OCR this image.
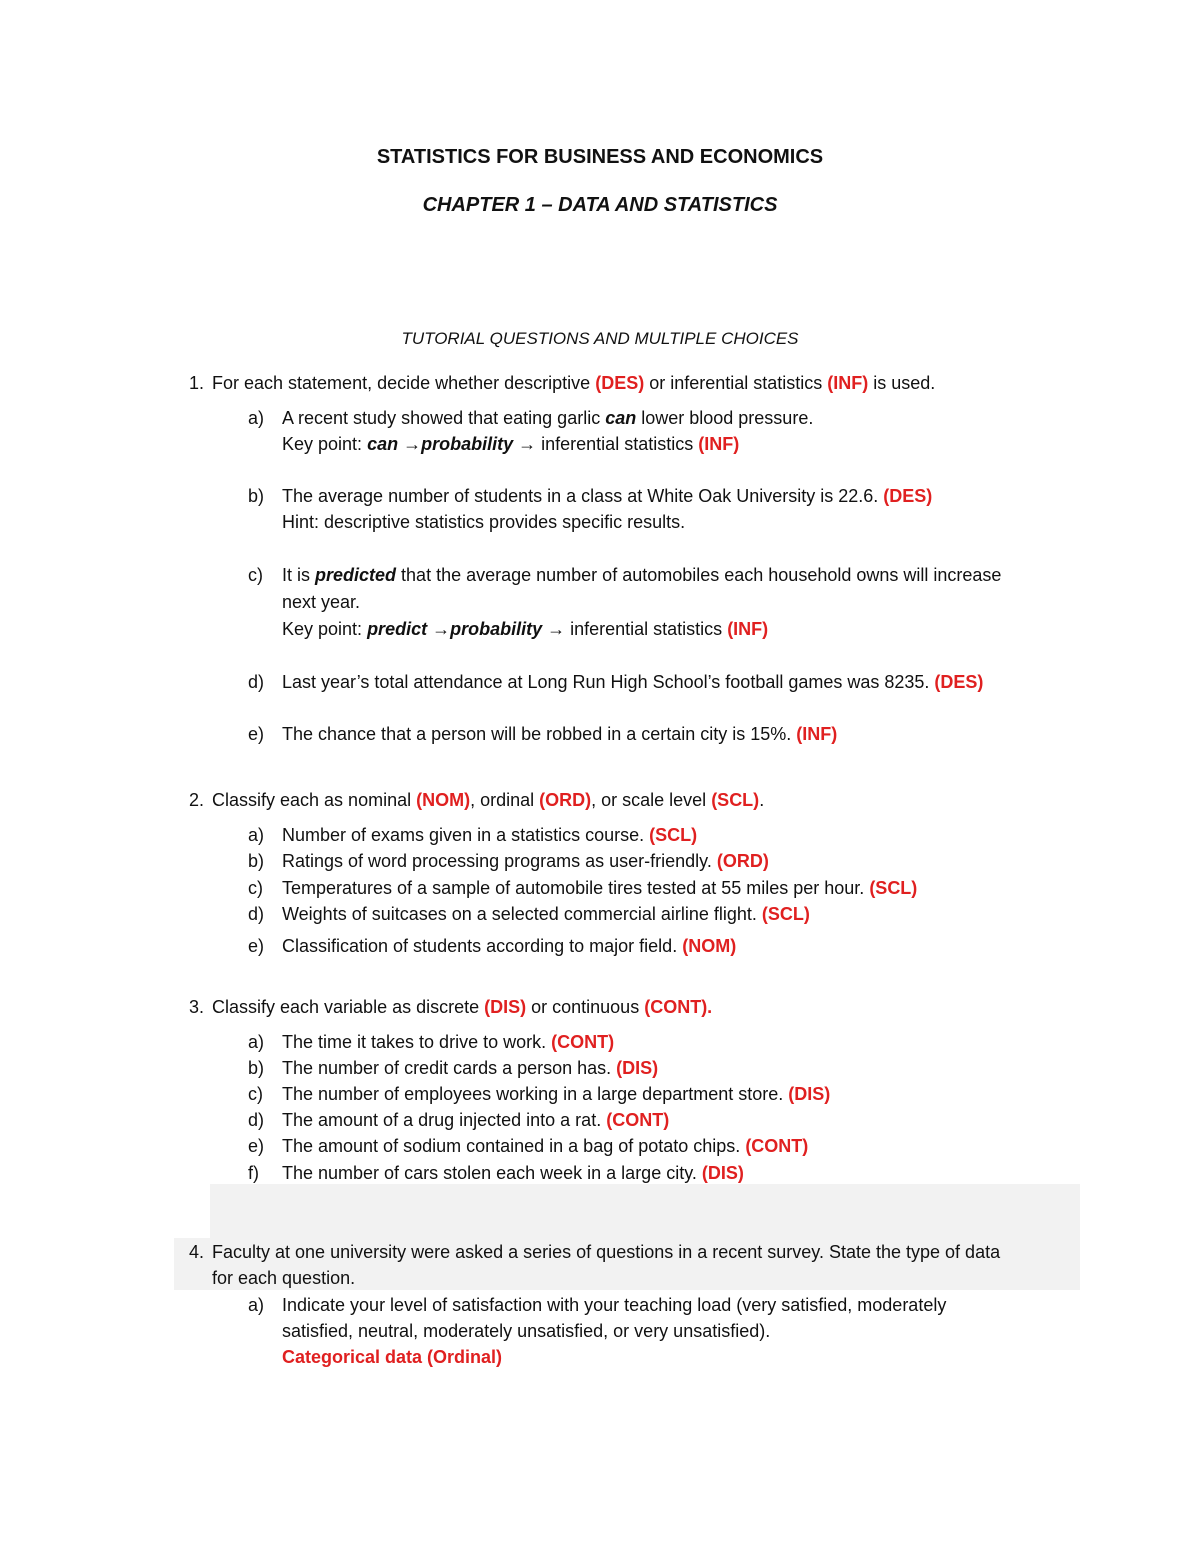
STATISTICS FOR BUSINESS AND ECONOMICS
CHAPTER 1 – DATA AND STATISTICS
TUTORIAL QUESTIONS AND MULTIPLE CHOICES
1. For each statement, decide whether descriptive (DES) or inferential statistics (INF) is used.
a) A recent study showed that eating garlic can lower blood pressure.
Key point: can →probability → inferential statistics (INF)
b) The average number of students in a class at White Oak University is 22.6. (DES)
Hint: descriptive statistics provides specific results.
c)	It is predicted that the average number of automobiles each household owns will increase
next year.
Key point: predict →probability → inferential statistics (INF)
d) Last year’s total attendance at Long Run High School’s football games was 8235. (DES)
e) The chance that a person will be robbed in a certain city is 15%. (INF)
2. Classify each as nominal (NOM), ordinal (ORD), or scale level (SCL).
a) Number of exams given in a statistics course. (SCL)
b) Ratings of word processing programs as user-friendly. (ORD)
c)	Temperatures of a sample of automobile tires tested at 55 miles per hour. (SCL)
d) Weights of suitcases on a selected commercial airline flight. (SCL)
e) Classification of students according to major field. (NOM)
3. Classify each variable as discrete (DIS) or continuous (CONT).
a) The time it takes to drive to work. (CONT)
b) The number of credit cards a person has. (DIS)
c)	The number of employees working in a large department store. (DIS)
d) The amount of a drug injected into a rat. (CONT)
e) The amount of sodium contained in a bag of potato chips. (CONT)
f)	The number of cars stolen each week in a large city. (DIS)
4. Faculty at one university were asked a series of questions in a recent survey. State the type of data
for each question.
a) Indicate your level of satisfaction with your teaching load (very satisfied, moderately
satisfied, neutral, moderately unsatisfied, or very unsatisfied).
Categorical data (Ordinal)
